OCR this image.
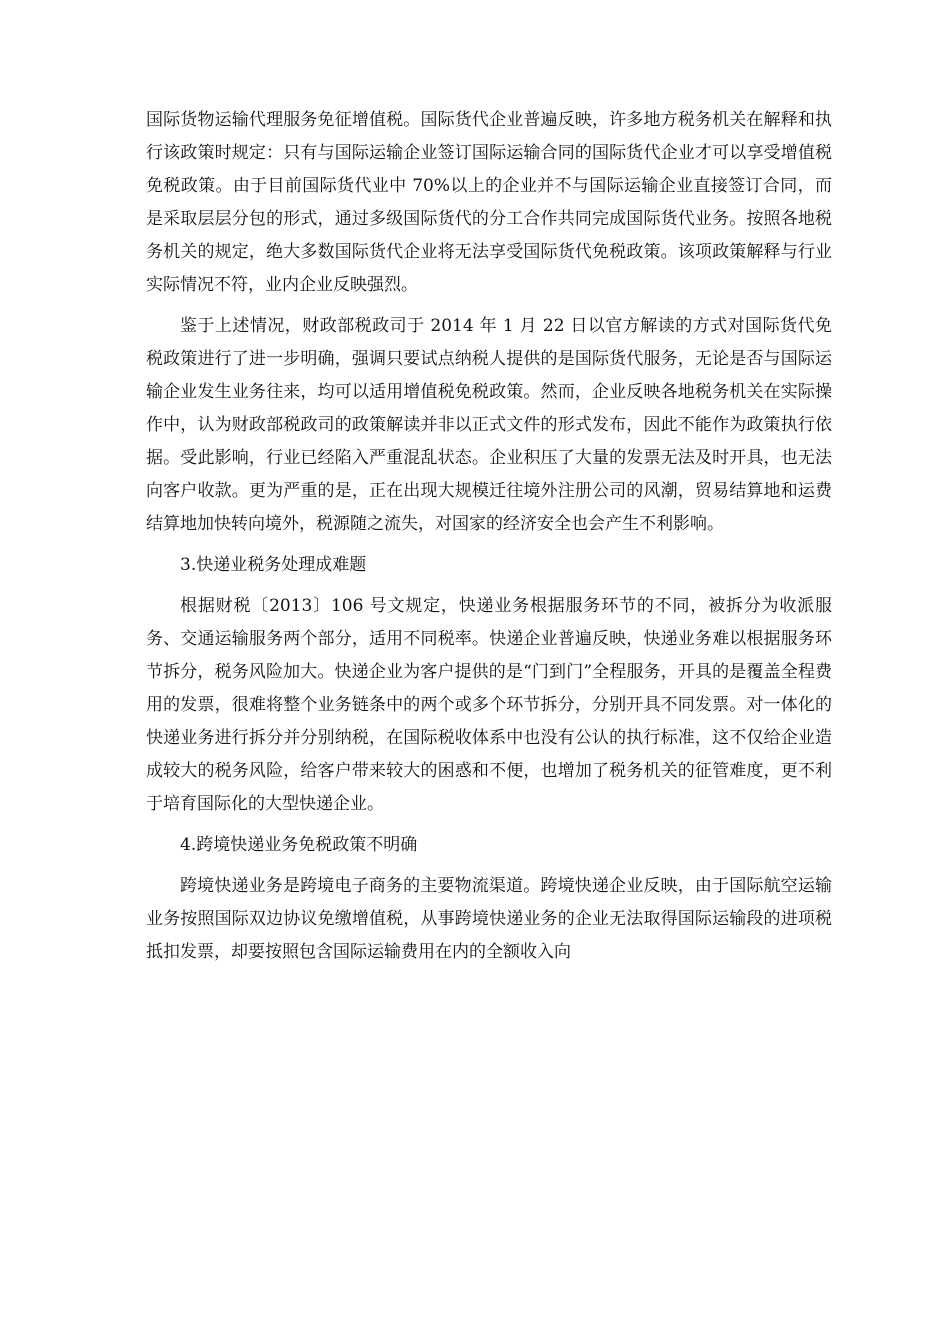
国际货物运输代理服务免征增值税。国际货代企业普遍反映，许多地方税务机关在解释和执行该政策时规定：只有与国际运输企业签订国际运输合同的国际货代企业才可以享受增值税免税政策。由于目前国际货代业中 70%以上的企业并不与国际运输企业直接签订合同，而是采取层层分包的形式，通过多级国际货代的分工合作共同完成国际货代业务。按照各地税务机关的规定，绝大多数国际货代企业将无法享受国际货代免税政策。该项政策解释与行业实际情况不符，业内企业反映强烈。

鉴于上述情况，财政部税政司于 2014 年 1 月 22 日以官方解读的方式对国际货代免税政策进行了进一步明确，强调只要试点纳税人提供的是国际货代服务，无论是否与国际运输企业发生业务往来，均可以适用增值税免税政策。然而，企业反映各地税务机关在实际操作中，认为财政部税政司的政策解读并非以正式文件的形式发布，因此不能作为政策执行依据。受此影响，行业已经陷入严重混乱状态。企业积压了大量的发票无法及时开具，也无法向客户收款。更为严重的是，正在出现大规模迁往境外注册公司的风潮，贸易结算地和运费结算地加快转向境外，税源随之流失，对国家的经济安全也会产生不利影响。

3.快递业税务处理成难题

根据财税〔2013〕106 号文规定，快递业务根据服务环节的不同，被拆分为收派服务、交通运输服务两个部分，适用不同税率。快递企业普遍反映，快递业务难以根据服务环节拆分，税务风险加大。快递企业为客户提供的是“门到门”全程服务，开具的是覆盖全程费用的发票，很难将整个业务链条中的两个或多个环节拆分，分别开具不同发票。对一体化的快递业务进行拆分并分别纳税，在国际税收体系中也没有公认的执行标准，这不仅给企业造成较大的税务风险，给客户带来较大的困惑和不便，也增加了税务机关的征管难度，更不利于培育国际化的大型快递企业。

4.跨境快递业务免税政策不明确

跨境快递业务是跨境电子商务的主要物流渠道。跨境快递企业反映，由于国际航空运输业务按照国际双边协议免缴增值税，从事跨境快递业务的企业无法取得国际运输段的进项税抵扣发票，却要按照包含国际运输费用在内的全额收入向
